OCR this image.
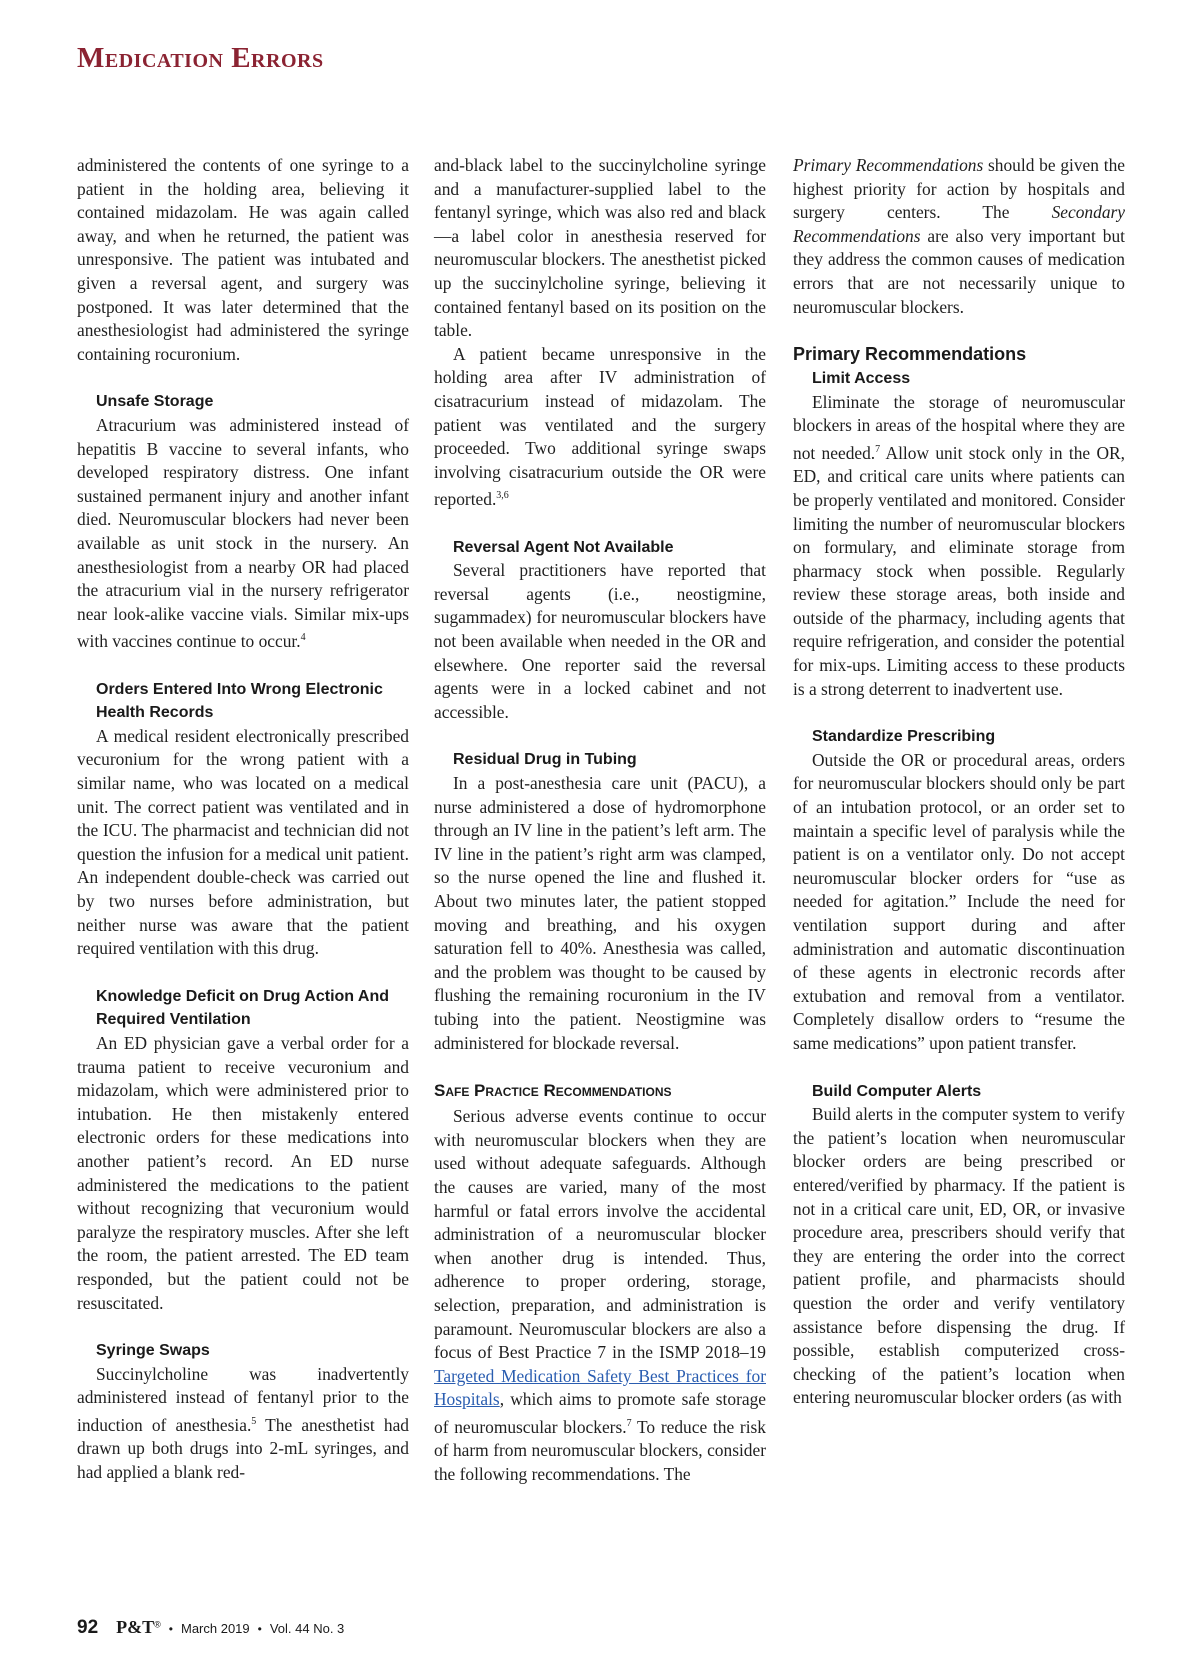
Medication Errors

administered the contents of one syringe to a patient in the holding area, believing it contained midazolam. He was again called away, and when he returned, the patient was unresponsive. The patient was intubated and given a reversal agent, and surgery was postponed. It was later determined that the anesthesiologist had administered the syringe containing rocuronium.

Unsafe Storage

Atracurium was administered instead of hepatitis B vaccine to several infants, who developed respiratory distress. One infant sustained permanent injury and another infant died. Neuromuscular blockers had never been available as unit stock in the nursery. An anesthesiologist from a nearby OR had placed the atracurium vial in the nursery refrigerator near look-alike vaccine vials. Similar mix-ups with vaccines continue to occur.$^4$

Orders Entered Into Wrong Electronic Health Records

A medical resident electronically prescribed vecuronium for the wrong patient with a similar name, who was located on a medical unit. The correct patient was ventilated and in the ICU. The pharmacist and technician did not question the infusion for a medical unit patient. An independent double-check was carried out by two nurses before administration, but neither nurse was aware that the patient required ventilation with this drug.

Knowledge Deficit on Drug Action And Required Ventilation

An ED physician gave a verbal order for a trauma patient to receive vecuronium and midazolam, which were administered prior to intubation. He then mistakenly entered electronic orders for these medications into another patient’s record. An ED nurse administered the medications to the patient without recognizing that vecuronium would paralyze the respiratory muscles. After she left the room, the patient arrested. The ED team responded, but the patient could not be resuscitated.

Syringe Swaps

Succinylcholine was inadvertently administered instead of fentanyl prior to the induction of anesthesia.$^5$ The anesthetist had drawn up both drugs into 2-mL syringes, and had applied a blank red-

and-black label to the succinylcholine syringe and a manufacturer-supplied label to the fentanyl syringe, which was also red and black—a label color in anesthesia reserved for neuromuscular blockers. The anesthetist picked up the succinylcholine syringe, believing it contained fentanyl based on its position on the table.

A patient became unresponsive in the holding area after IV administration of cisatracurium instead of midazolam. The patient was ventilated and the surgery proceeded. Two additional syringe swaps involving cisatracurium outside the OR were reported.$^{3,6}$

Reversal Agent Not Available

Several practitioners have reported that reversal agents (i.e., neostigmine, sugammadex) for neuromuscular blockers have not been available when needed in the OR and elsewhere. One reporter said the reversal agents were in a locked cabinet and not accessible.

Residual Drug in Tubing

In a post-anesthesia care unit (PACU), a nurse administered a dose of hydromorphone through an IV line in the patient’s left arm. The IV line in the patient’s right arm was clamped, so the nurse opened the line and flushed it. About two minutes later, the patient stopped moving and breathing, and his oxygen saturation fell to 40%. Anesthesia was called, and the problem was thought to be caused by flushing the remaining rocuronium in the IV tubing into the patient. Neostigmine was administered for blockade reversal.

Safe Practice Recommendations

Serious adverse events continue to occur with neuromuscular blockers when they are used without adequate safeguards. Although the causes are varied, many of the most harmful or fatal errors involve the accidental administration of a neuromuscular blocker when another drug is intended. Thus, adherence to proper ordering, storage, selection, preparation, and administration is paramount. Neuromuscular blockers are also a focus of Best Practice 7 in the ISMP 2018–19 Targeted Medication Safety Best Practices for Hospitals, which aims to promote safe storage of neuromuscular blockers.$^7$ To reduce the risk of harm from neuromuscular blockers, consider the following recommendations. The

Primary Recommendations should be given the highest priority for action by hospitals and surgery centers. The Secondary Recommendations are also very important but they address the common causes of medication errors that are not necessarily unique to neuromuscular blockers.

Primary Recommendations
Limit Access

Eliminate the storage of neuromuscular blockers in areas of the hospital where they are not needed.$^7$ Allow unit stock only in the OR, ED, and critical care units where patients can be properly ventilated and monitored. Consider limiting the number of neuromuscular blockers on formulary, and eliminate storage from pharmacy stock when possible. Regularly review these storage areas, both inside and outside of the pharmacy, including agents that require refrigeration, and consider the potential for mix-ups. Limiting access to these products is a strong deterrent to inadvertent use.

Standardize Prescribing

Outside the OR or procedural areas, orders for neuromuscular blockers should only be part of an intubation protocol, or an order set to maintain a specific level of paralysis while the patient is on a ventilator only. Do not accept neuromuscular blocker orders for “use as needed for agitation.” Include the need for ventilation support during and after administration and automatic discontinuation of these agents in electronic records after extubation and removal from a ventilator. Completely disallow orders to “resume the same medications” upon patient transfer.

Build Computer Alerts

Build alerts in the computer system to verify the patient’s location when neuromuscular blocker orders are being prescribed or entered/verified by pharmacy. If the patient is not in a critical care unit, ED, OR, or invasive procedure area, prescribers should verify that they are entering the order into the correct patient profile, and pharmacists should question the order and verify ventilatory assistance before dispensing the drug. If possible, establish computerized cross-checking of the patient’s location when entering neuromuscular blocker orders (as with

92 P&T® • March 2019 • Vol. 44 No. 3
